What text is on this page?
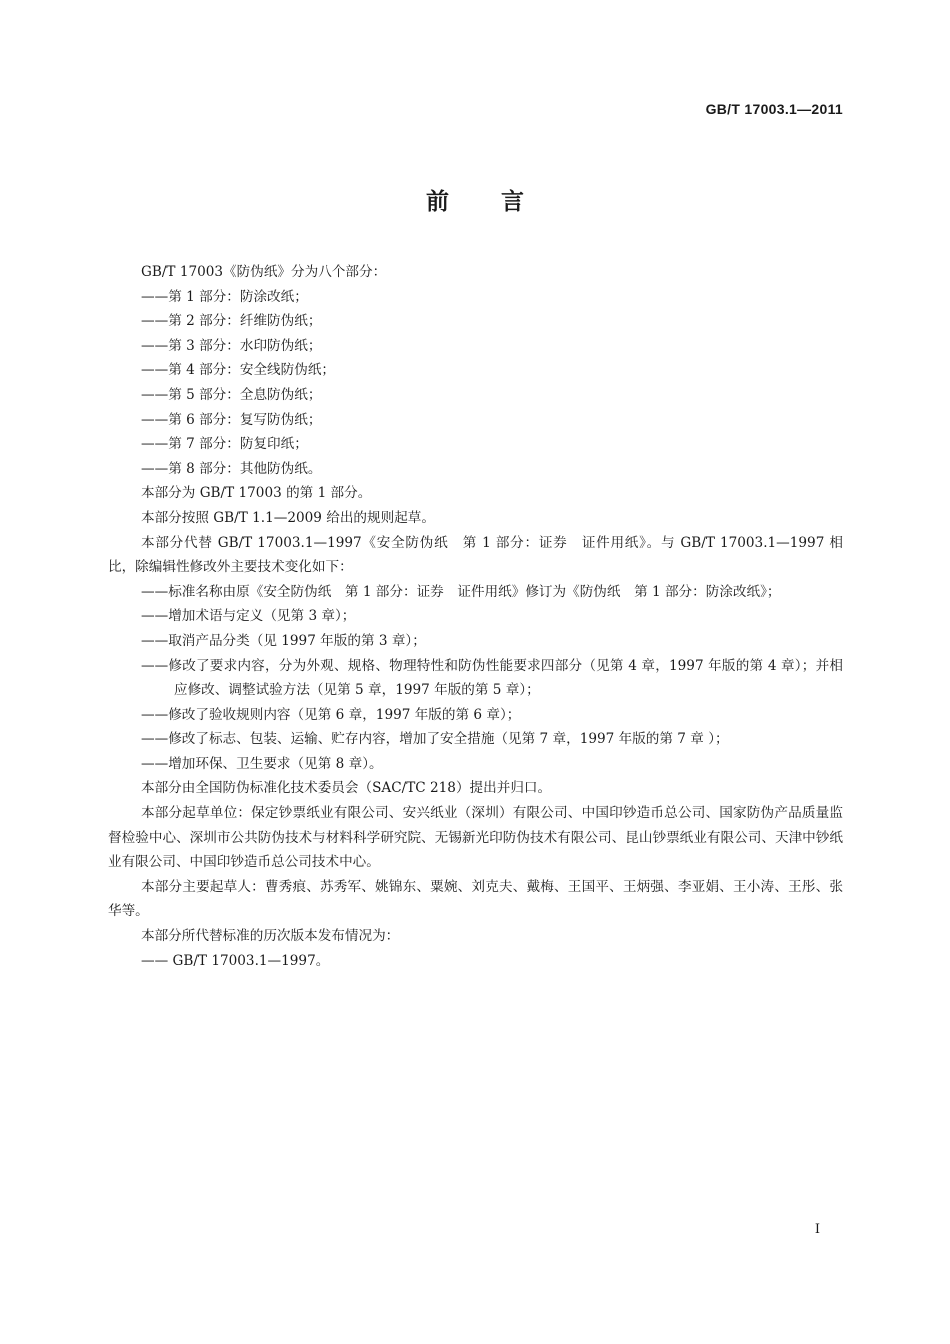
GB/T 17003.1—2011
前言
GB/T 17003《防伪纸》分为八个部分：
——第 1 部分：防涂改纸；
——第 2 部分：纤维防伪纸；
——第 3 部分：水印防伪纸；
——第 4 部分：安全线防伪纸；
——第 5 部分：全息防伪纸；
——第 6 部分：复写防伪纸；
——第 7 部分：防复印纸；
——第 8 部分：其他防伪纸。
本部分为 GB/T 17003 的第 1 部分。
本部分按照 GB/T 1.1—2009 给出的规则起草。
本部分代替 GB/T 17003.1—1997《安全防伪纸　第 1 部分：证券　证件用纸》。与 GB/T 17003.1—1997 相比，除编辑性修改外主要技术变化如下：
——标准名称由原《安全防伪纸　第 1 部分：证券　证件用纸》修订为《防伪纸　第 1 部分：防涂改纸》；
——增加术语与定义（见第 3 章）；
——取消产品分类（见 1997 年版的第 3 章）；
——修改了要求内容，分为外观、规格、物理特性和防伪性能要求四部分（见第 4 章，1997 年版的第 4 章）；并相应修改、调整试验方法（见第 5 章，1997 年版的第 5 章）；
——修改了验收规则内容（见第 6 章，1997 年版的第 6 章）；
——修改了标志、包装、运输、贮存内容，增加了安全措施（见第 7 章，1997 年版的第 7 章 ）；
——增加环保、卫生要求（见第 8 章）。
本部分由全国防伪标准化技术委员会（SAC/TC 218）提出并归口。
本部分起草单位：保定钞票纸业有限公司、安兴纸业（深圳）有限公司、中国印钞造币总公司、国家防伪产品质量监督检验中心、深圳市公共防伪技术与材料科学研究院、无锡新光印防伪技术有限公司、昆山钞票纸业有限公司、天津中钞纸业有限公司、中国印钞造币总公司技术中心。
本部分主要起草人：曹秀痕、苏秀军、姚锦东、粟婉、刘克夫、戴梅、王国平、王炳强、李亚娟、王小涛、王彤、张华等。
本部分所代替标准的历次版本发布情况为：
—— GB/T 17003.1—1997。
I
